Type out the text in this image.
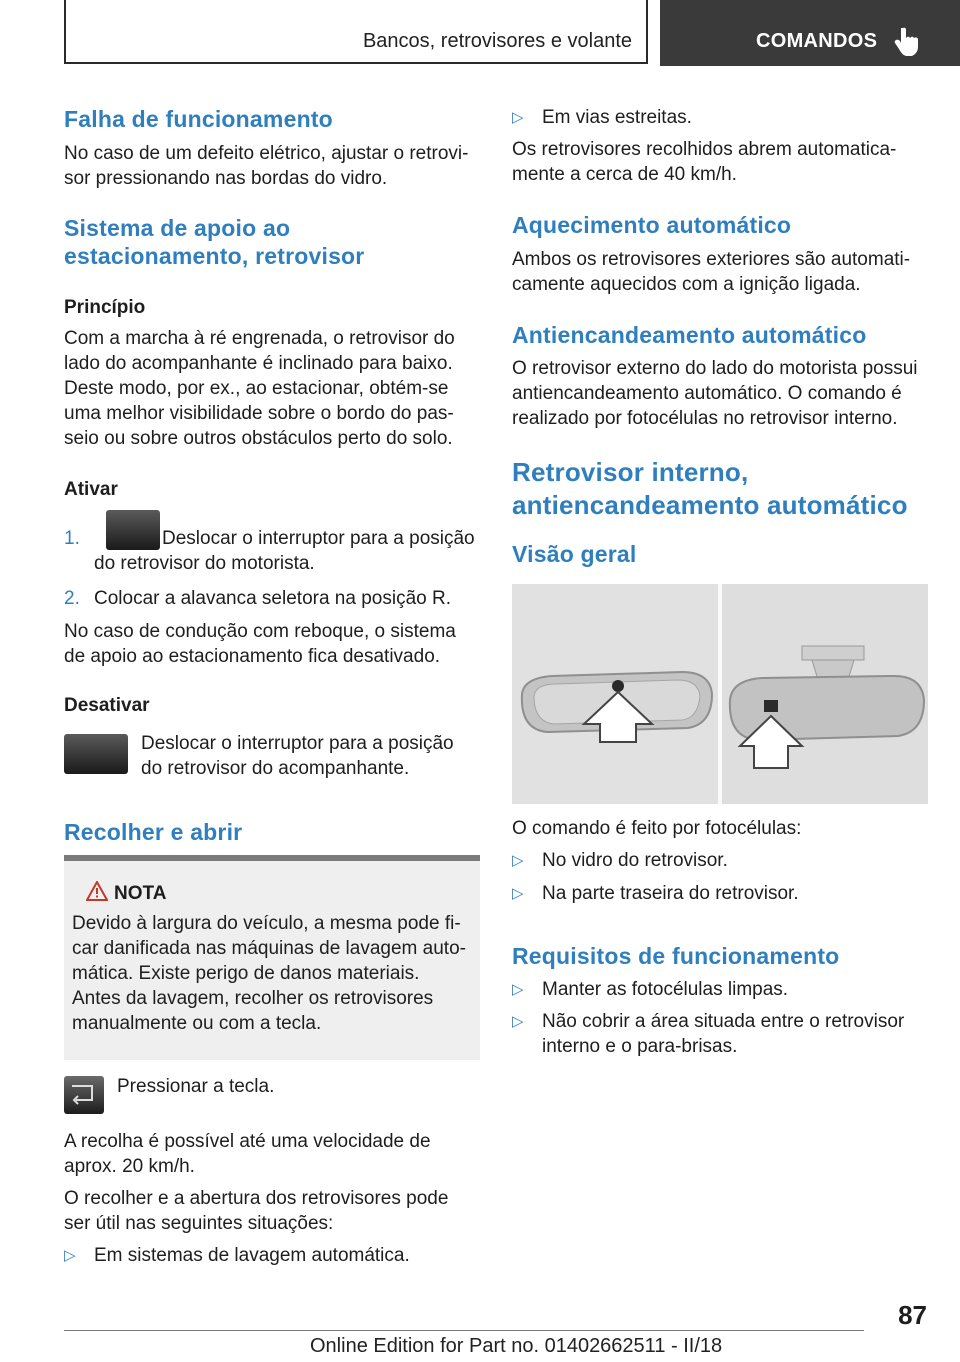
Bancos, retrovisores e volante	COMANDOS
Falha de funcionamento

No caso de um defeito elétrico, ajustar o retrovisor pressionando nas bordas do vidro.

Sistema de apoio ao estacionamento, retrovisor
Princípio

Com a marcha à ré engrenada, o retrovisor do lado do acompanhante é inclinado para baixo. Deste modo, por ex., ao estacionar, obtém-se uma melhor visibilidade sobre o bordo do passeio ou sobre outros obstáculos perto do solo.

Ativar
1.	Deslocar o interruptor para a posição do retrovisor do motorista.
2. Colocar a alavanca seletora na posição R.

No caso de condução com reboque, o sistema de apoio ao estacionamento fica desativado.

Desativar

Deslocar o interruptor para a posição do retrovisor do acompanhante.

Recolher e abrir
NOTA
Devido à largura do veículo, a mesma pode ficar danificada nas máquinas de lavagem automática. Existe perigo de danos materiais. Antes da lavagem, recolher os retrovisores manualmente ou com a tecla.

Pressionar a tecla.

A recolha é possível até uma velocidade de aprox. 20 km/h.

O recolher e a abertura dos retrovisores pode ser útil nas seguintes situações:

▷ Em sistemas de lavagem automática.
▷ Em vias estreitas.

Os retrovisores recolhidos abrem automaticamente a cerca de 40 km/h.

Aquecimento automático

Ambos os retrovisores exteriores são automaticamente aquecidos com a ignição ligada.

Antiencandeamento automático

O retrovisor externo do lado do motorista possui antiencandeamento automático. O comando é realizado por fotocélulas no retrovisor interno.

Retrovisor interno, antiencandeamento automático
Visão geral

O comando é feito por fotocélulas:

▷ No vidro do retrovisor.
▷ Na parte traseira do retrovisor.
Requisitos de funcionamento
▷ Manter as fotocélulas limpas.
▷ Não cobrir a área situada entre o retrovisor interno e o para-brisas.
87
Online Edition for Part no. 01402662511 - II/18
